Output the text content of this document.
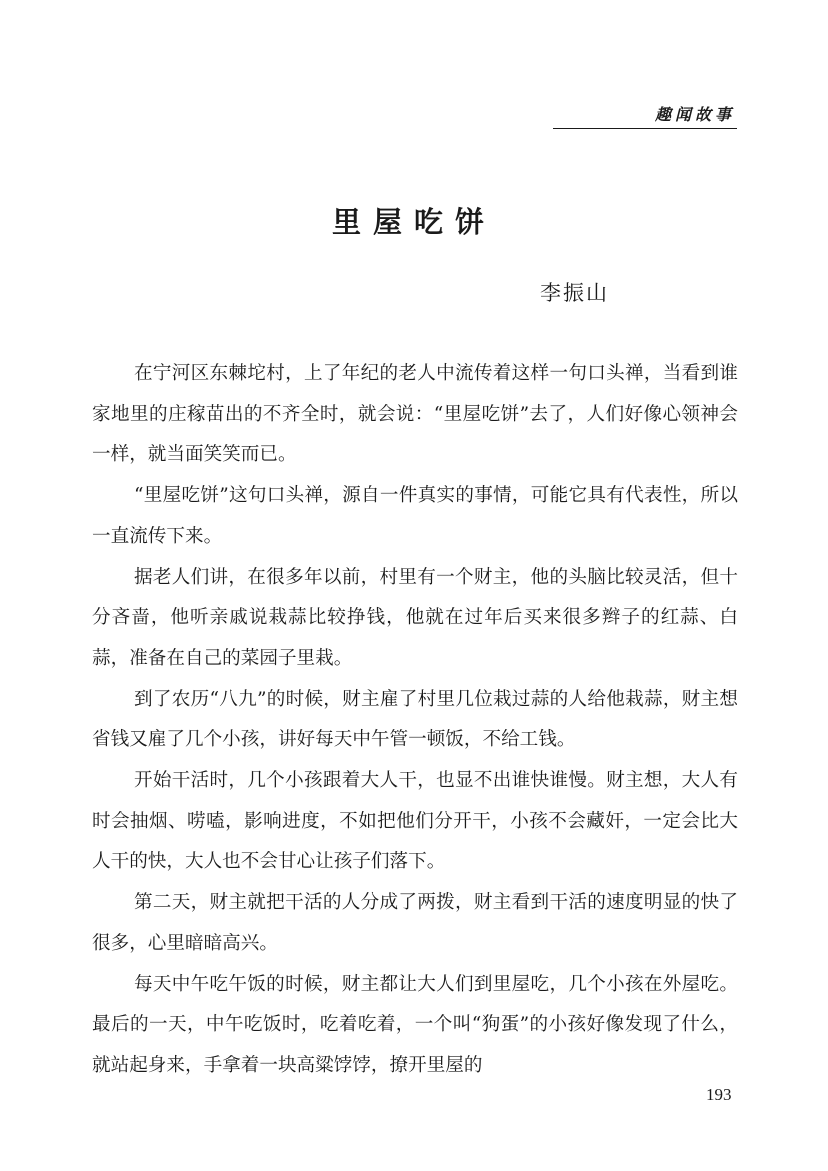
趣闻故事
里屋吃饼
李振山

在宁河区东棘坨村，上了年纪的老人中流传着这样一句口头禅，当看到谁家地里的庄稼苗出的不齐全时，就会说：“里屋吃饼”去了，人们好像心领神会一样，就当面笑笑而已。

“里屋吃饼”这句口头禅，源自一件真实的事情，可能它具有代表性，所以一直流传下来。

据老人们讲，在很多年以前，村里有一个财主，他的头脑比较灵活，但十分吝啬，他听亲戚说栽蒜比较挣钱，他就在过年后买来很多辫子的红蒜、白蒜，准备在自己的菜园子里栽。

到了农历“八九”的时候，财主雇了村里几位栽过蒜的人给他栽蒜，财主想省钱又雇了几个小孩，讲好每天中午管一顿饭，不给工钱。

开始干活时，几个小孩跟着大人干，也显不出谁快谁慢。财主想，大人有时会抽烟、唠嗑，影响进度，不如把他们分开干，小孩不会藏奸，一定会比大人干的快，大人也不会甘心让孩子们落下。

第二天，财主就把干活的人分成了两拨，财主看到干活的速度明显的快了很多，心里暗暗高兴。

每天中午吃午饭的时候，财主都让大人们到里屋吃，几个小孩在外屋吃。最后的一天，中午吃饭时，吃着吃着，一个叫“狗蛋”的小孩好像发现了什么，就站起身来，手拿着一块高粱饽饽，撩开里屋的

193
